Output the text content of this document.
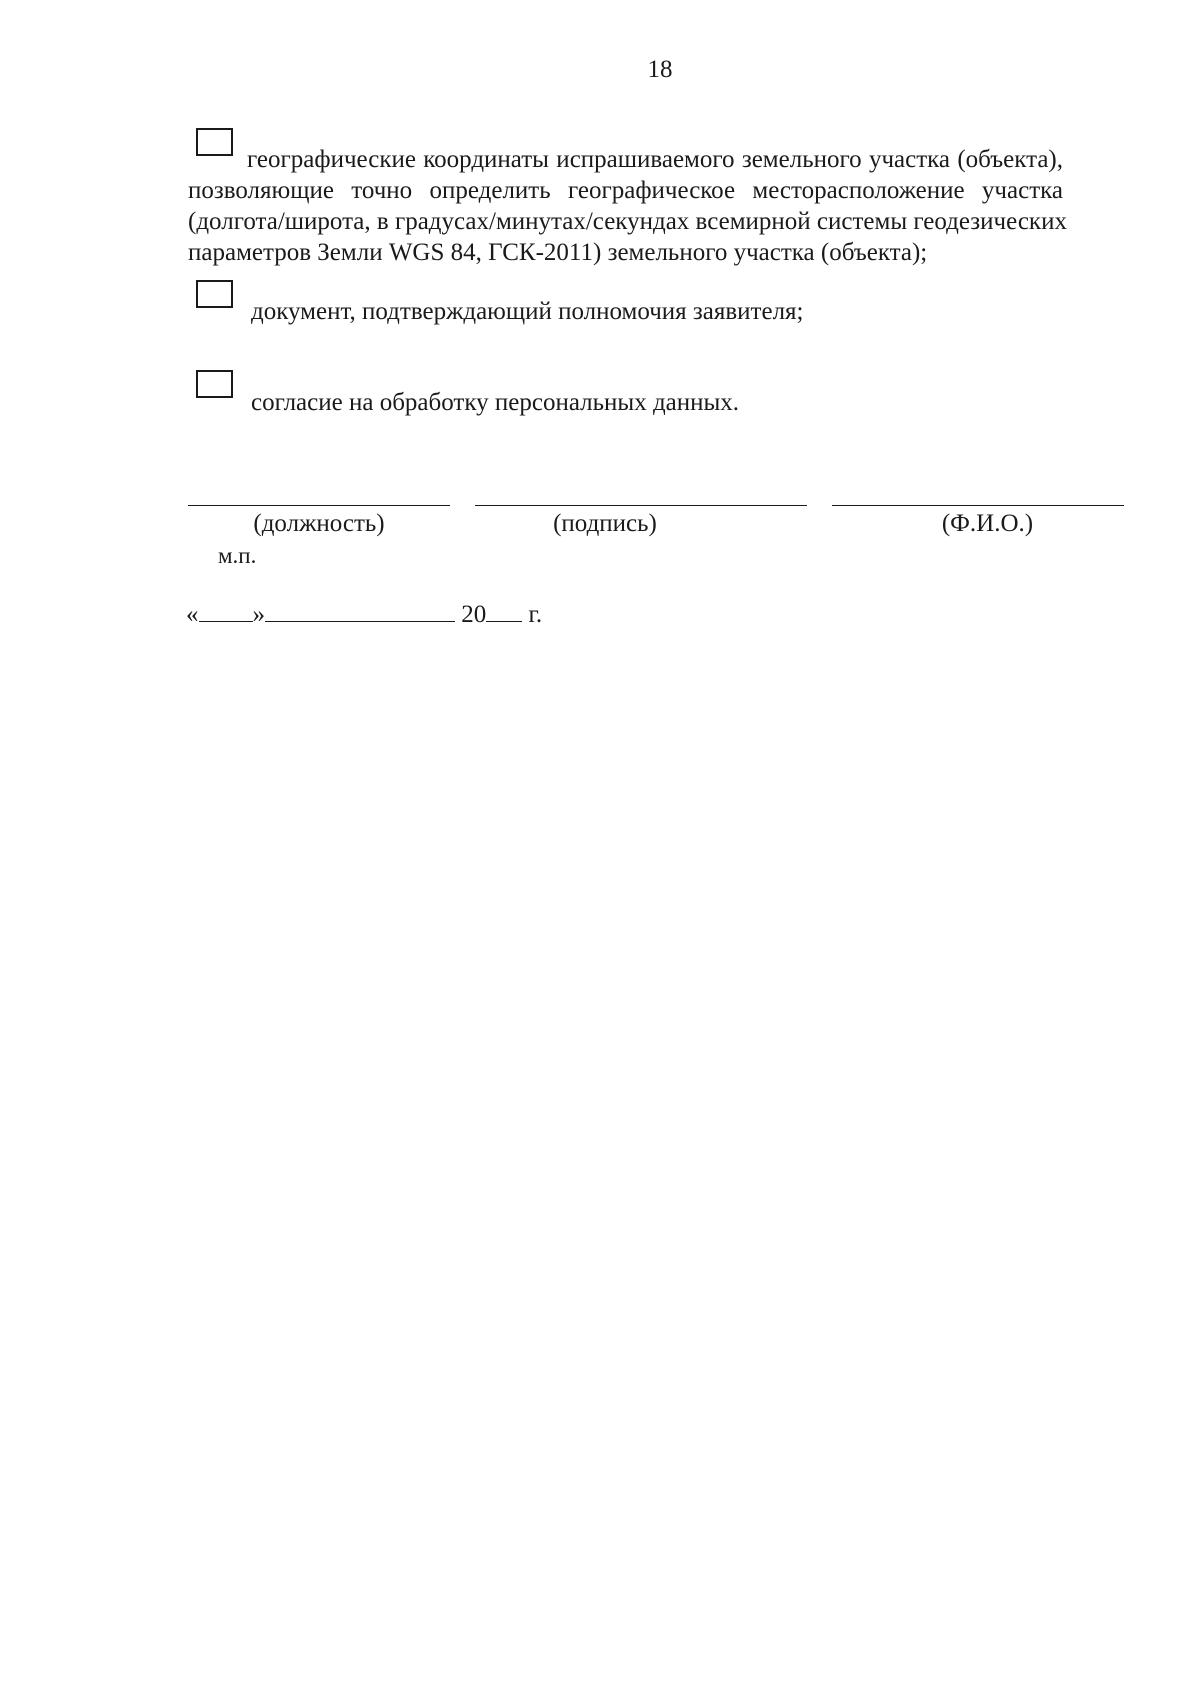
18
географические координаты испрашиваемого земельного участка (объекта),
позволяющие точно определить географическое месторасположение участка
(долгота/широта, в градусах/минутах/секундах всемирной системы геодезических
параметров Земли WGS 84, ГСК-2011) земельного участка (объекта);
документ, подтверждающий полномочия заявителя;
согласие на обработку персональных данных.
(должность)	(подпись)	(Ф.И.О.)
м.п.
« »	20 г.
